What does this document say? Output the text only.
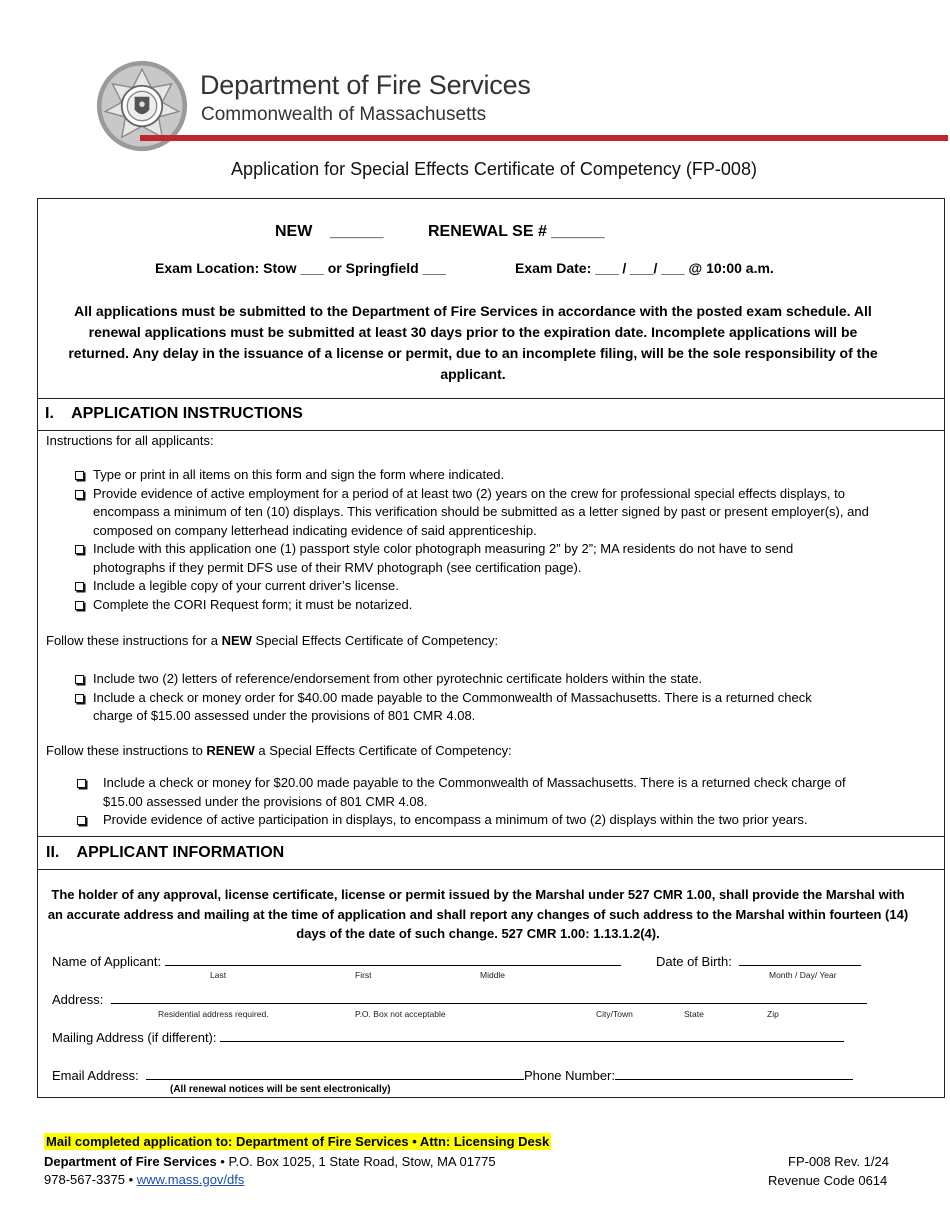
Department of Fire Services
Commonwealth of Massachusetts
Application for Special Effects Certificate of Competency (FP-008)
NEW ______	RENEWAL SE # ______
Exam Location: Stow ___ or Springfield ___	Exam Date: ___ / ___/ ___ @ 10:00 a.m.
All applications must be submitted to the Department of Fire Services in accordance with the posted exam schedule. All renewal applications must be submitted at least 30 days prior to the expiration date. Incomplete applications will be returned. Any delay in the issuance of a license or permit, due to an incomplete filing, will be the sole responsibility of the applicant.
I. APPLICATION INSTRUCTIONS
Instructions for all applicants:
Type or print in all items on this form and sign the form where indicated.
Provide evidence of active employment for a period of at least two (2) years on the crew for professional special effects displays, to encompass a minimum of ten (10) displays. This verification should be submitted as a letter signed by past or present employer(s), and composed on company letterhead indicating evidence of said apprenticeship.
Include with this application one (1) passport style color photograph measuring 2” by 2”; MA residents do not have to send photographs if they permit DFS use of their RMV photograph (see certification page).
Include a legible copy of your current driver’s license.
Complete the CORI Request form; it must be notarized.
Follow these instructions for a NEW Special Effects Certificate of Competency:
Include two (2) letters of reference/endorsement from other pyrotechnic certificate holders within the state.
Include a check or money order for $40.00 made payable to the Commonwealth of Massachusetts. There is a returned check charge of $15.00 assessed under the provisions of 801 CMR 4.08.
Follow these instructions to RENEW a Special Effects Certificate of Competency:
Include a check or money for $20.00 made payable to the Commonwealth of Massachusetts. There is a returned check charge of $15.00 assessed under the provisions of 801 CMR 4.08.
Provide evidence of active participation in displays, to encompass a minimum of two (2) displays within the two prior years.
II. APPLICANT INFORMATION
The holder of any approval, license certificate, license or permit issued by the Marshal under 527 CMR 1.00, shall provide the Marshal with an accurate address and mailing at the time of application and shall report any changes of such address to the Marshal within fourteen (14) days of the date of such change. 527 CMR 1.00: 1.13.1.2(4).
Name of Applicant:
Last	First	Middle
Date of Birth:
Month / Day/ Year
Address:
Residential address required.	P.O. Box not acceptable	City/Town	State	Zip
Mailing Address (if different):
Email Address:	Phone Number:
(All renewal notices will be sent electronically)
Mail completed application to: Department of Fire Services • Attn: Licensing Desk
Department of Fire Services • P.O. Box 1025, 1 State Road, Stow, MA 01775
978-567-3375 • www.mass.gov/dfs
FP-008 Rev. 1/24
Revenue Code 0614
